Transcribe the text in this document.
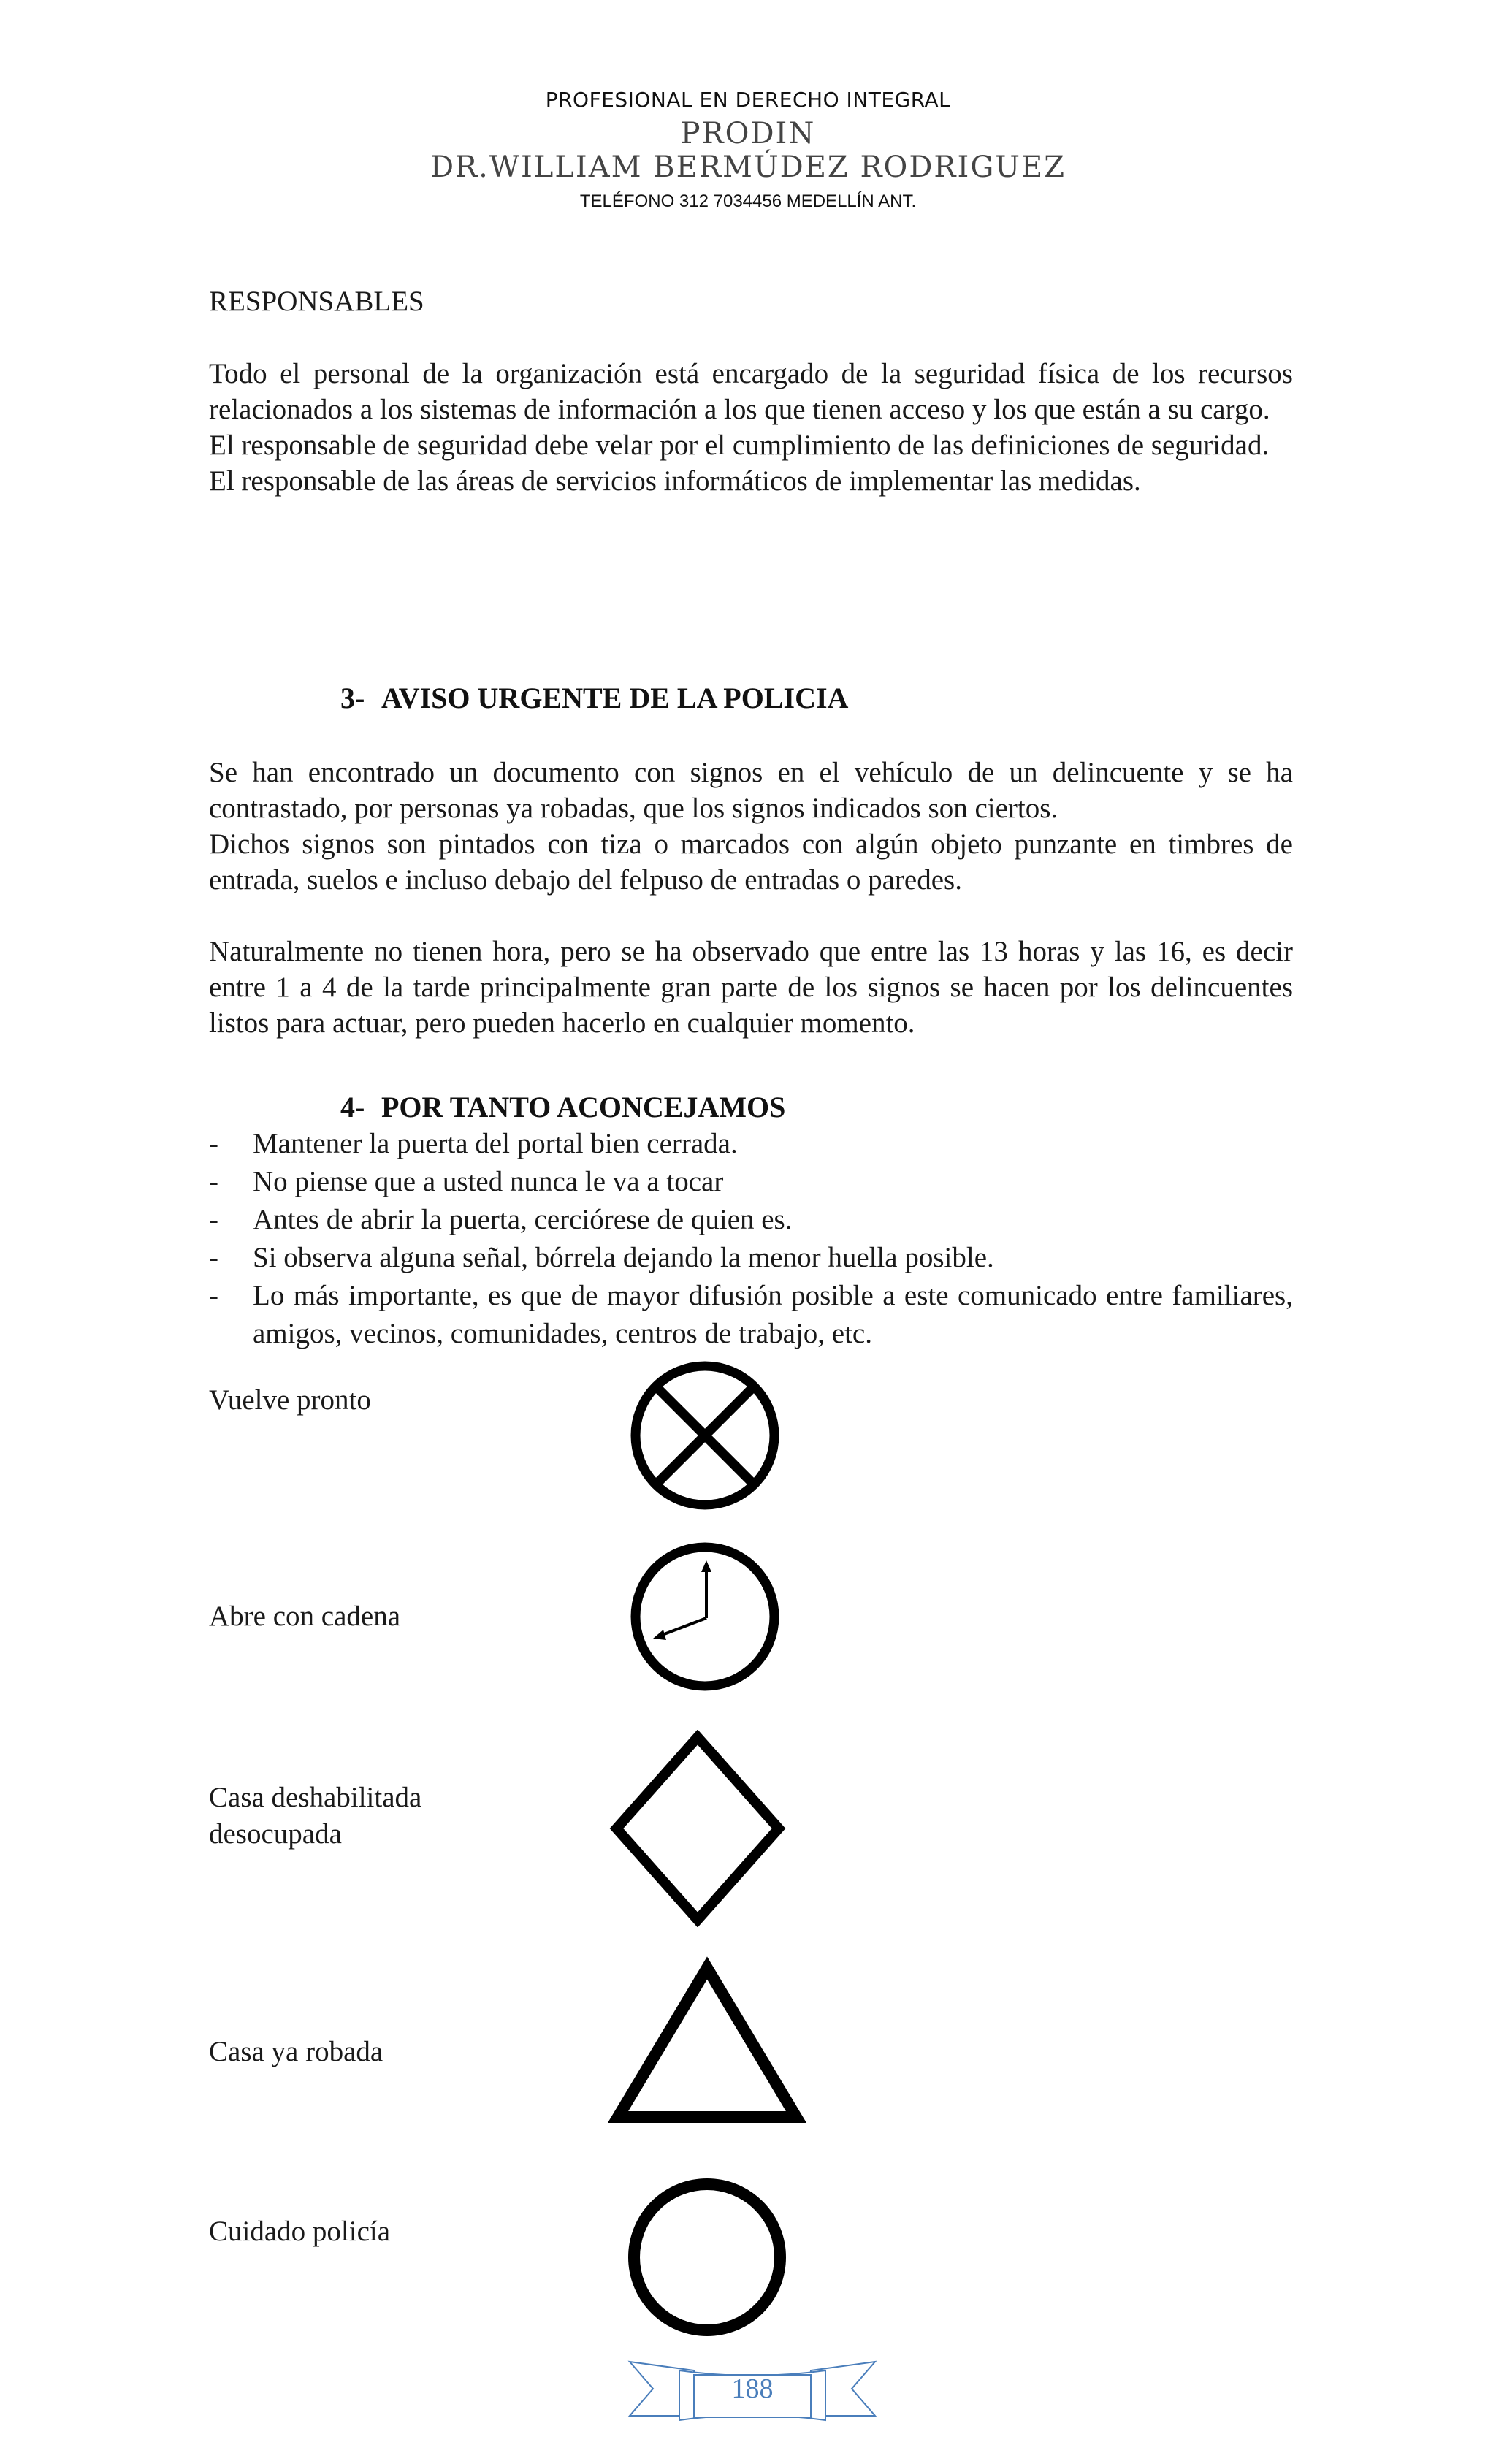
PROFESIONAL EN DERECHO INTEGRAL
PRODIN
DR.WILLIAM BERMÚDEZ RODRIGUEZ
TELÉFONO 312 7034456 MEDELLÍN ANT.
RESPONSABLES

Todo el personal de la organización está encargado de la seguridad física de los recursos relacionados a los sistemas de información a los que tienen acceso y los que están a su cargo.

El responsable de seguridad debe velar por el cumplimiento de las definiciones de seguridad.

El responsable de las áreas de servicios informáticos de implementar las medidas.

3- AVISO URGENTE DE LA POLICIA

Se han encontrado un documento con signos en el vehículo de un delincuente y se ha contrastado, por personas ya robadas, que los signos indicados son ciertos.

Dichos signos son pintados con tiza o marcados con algún objeto punzante en timbres de entrada, suelos e incluso debajo del felpuso de entradas o paredes.

Naturalmente no tienen hora, pero se ha observado que entre las 13 horas y las 16, es decir entre 1 a 4 de la tarde principalmente gran parte de los signos se hacen por los delincuentes listos para actuar, pero pueden hacerlo en cualquier momento.
4- POR TANTO ACONCEJAMOS
- Mantener la puerta del portal bien cerrada.
- No piense que a usted nunca le va a tocar
- Antes de abrir la puerta, cerciórese de quien es.
- Si observa alguna señal, bórrela dejando la menor huella posible.
- Lo más importante, es que de mayor difusión posible a este comunicado entre familiares, amigos, vecinos, comunidades, centros de trabajo, etc.
Vuelve pronto
Abre con cadena
Casa deshabilitada
desocupada
Casa ya robada
Cuidado policía
188
